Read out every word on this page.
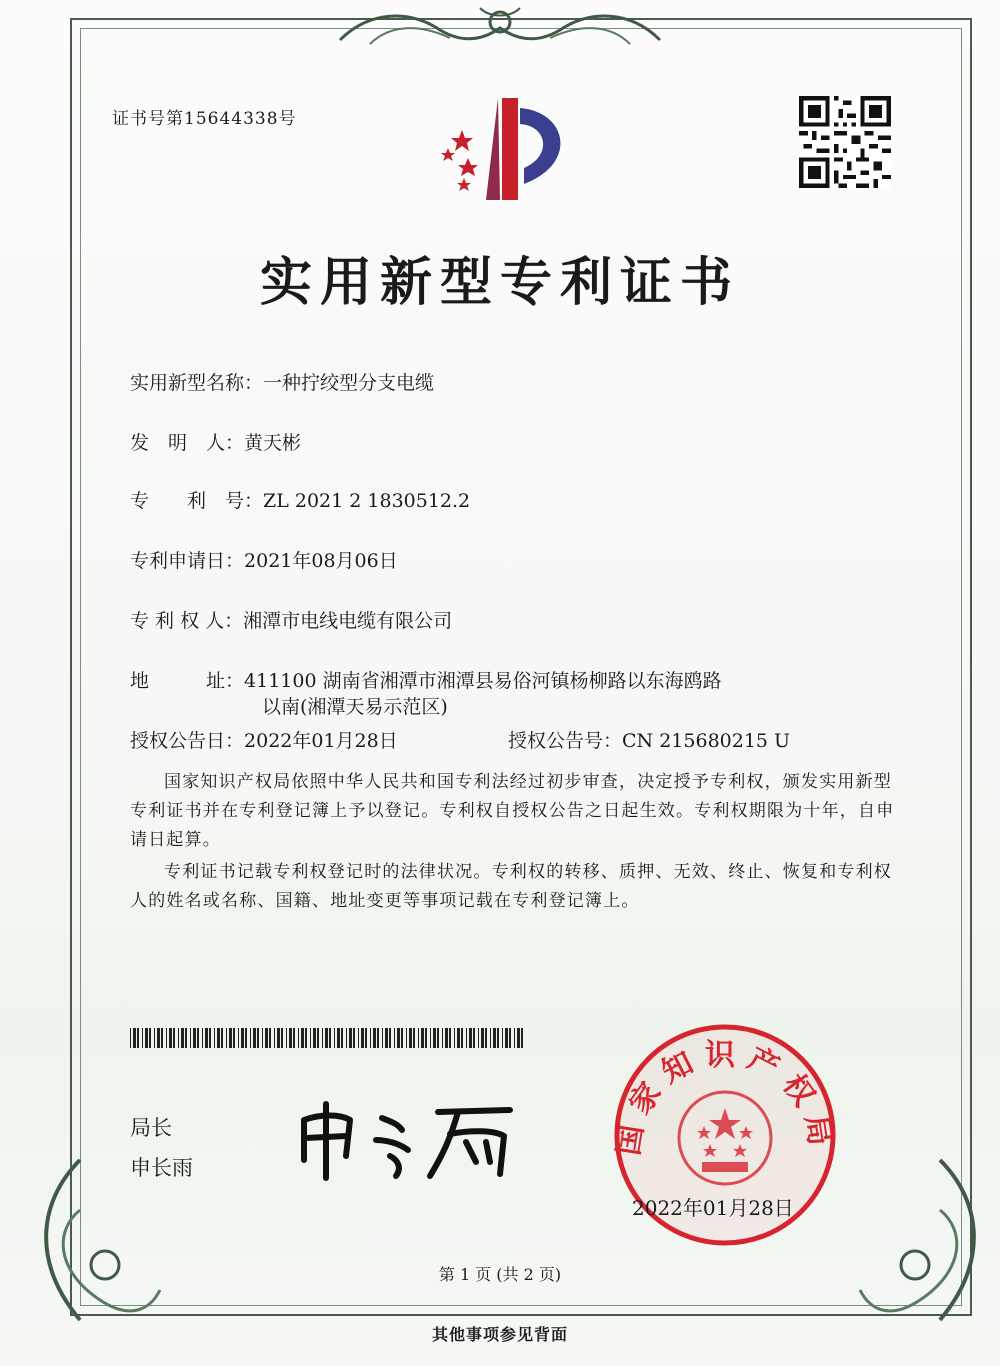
证书号第15644338号
实用新型专利证书
实用新型名称：一种拧绞型分支电缆
发　明　人：黄天彬
专　　利　号：ZL 2021 2 1830512.2
专利申请日：2021年08月06日
专 利 权 人：湘潭市电线电缆有限公司
地　　　址：411100 湖南省湘潭市湘潭县易俗河镇杨柳路以东海鸥路
以南(湘潭天易示范区)
授权公告日：2022年01月28日	授权公告号：CN 215680215 U
国家知识产权局依照中华人民共和国专利法经过初步审查，决定授予专利权，颁发实用新型专利证书并在专利登记簿上予以登记。专利权自授权公告之日起生效。专利权期限为十年，自申请日起算。
专利证书记载专利权登记时的法律状况。专利权的转移、质押、无效、终止、恢复和专利权人的姓名或名称、国籍、地址变更等事项记载在专利登记簿上。
局长
申长雨
国家知识产权局
2022年01月28日
第 1 页 (共 2 页)
其他事项参见背面
